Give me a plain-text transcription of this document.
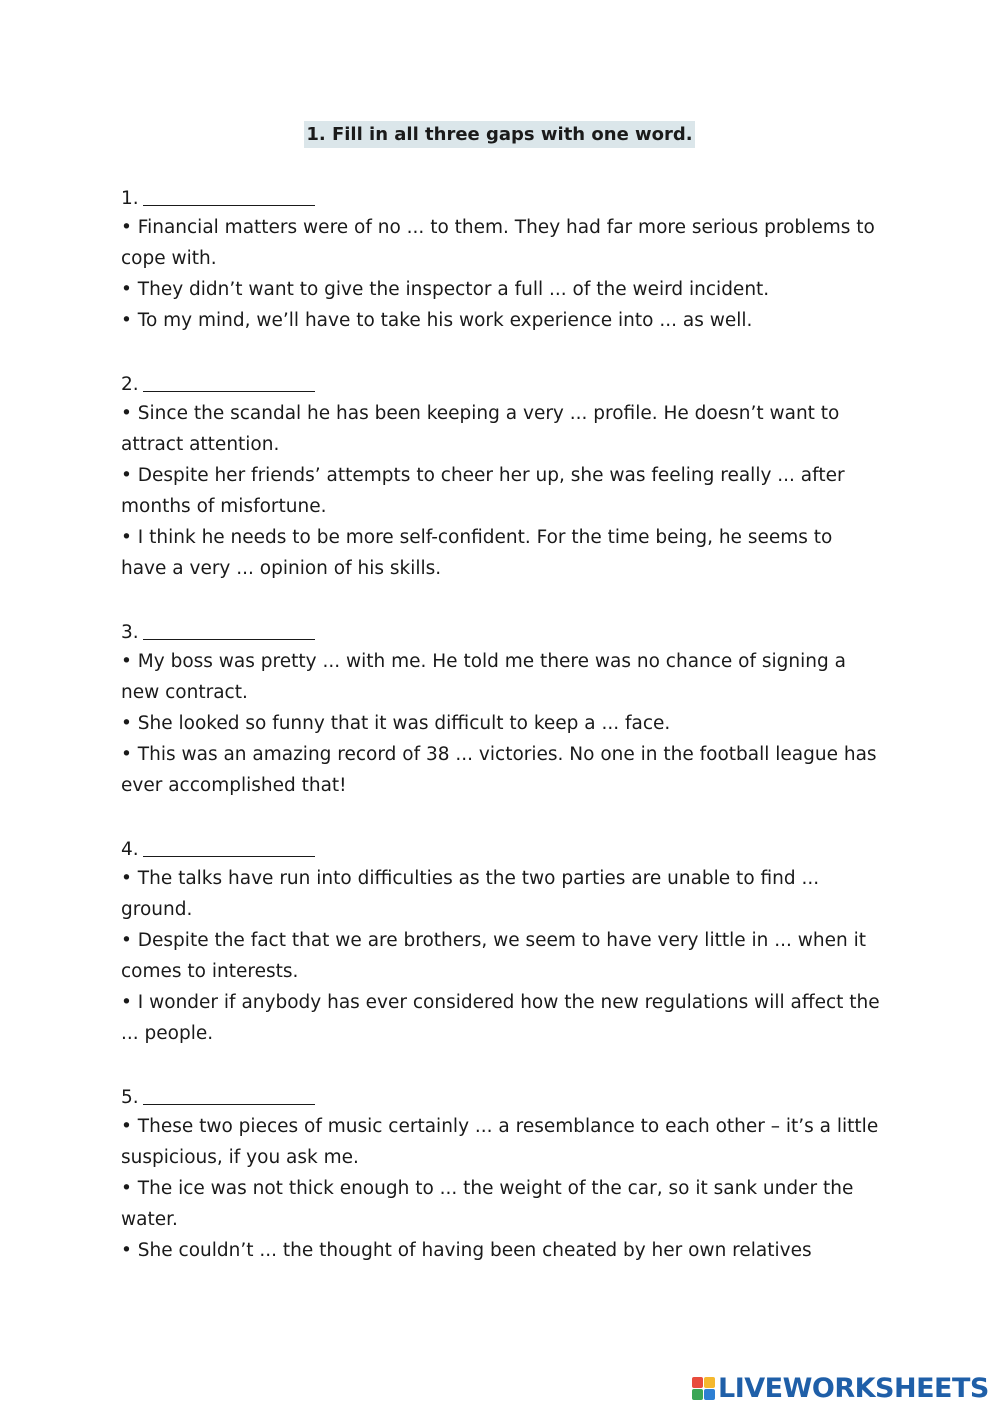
1. Fill in all three gaps with one word.
1.

• Financial matters were of no ... to them. They had far more serious problems to cope with.

• They didn’t want to give the inspector a full ... of the weird incident.

• To my mind, we’ll have to take his work experience into ... as well.

2.

• Since the scandal he has been keeping a very ... profile. He doesn’t want to attract attention.

• Despite her friends’ attempts to cheer her up, she was feeling really ... after months of misfortune.

• I think he needs to be more self-confident. For the time being, he seems to have a very ... opinion of his skills.

3.

• My boss was pretty ... with me. He told me there was no chance of signing a new contract.

• She looked so funny that it was difficult to keep a ... face.

• This was an amazing record of 38 ... victories. No one in the football league has ever accomplished that!

4.

• The talks have run into difficulties as the two parties are unable to find ... ground.

• Despite the fact that we are brothers, we seem to have very little in ... when it comes to interests.

• I wonder if anybody has ever considered how the new regulations will affect the ... people.

5.

• These two pieces of music certainly ... a resemblance to each other – it’s a little suspicious, if you ask me.

• The ice was not thick enough to ... the weight of the car, so it sank under the water.

• She couldn’t ... the thought of having been cheated by her own relatives

LIVEWORKSHEETS
